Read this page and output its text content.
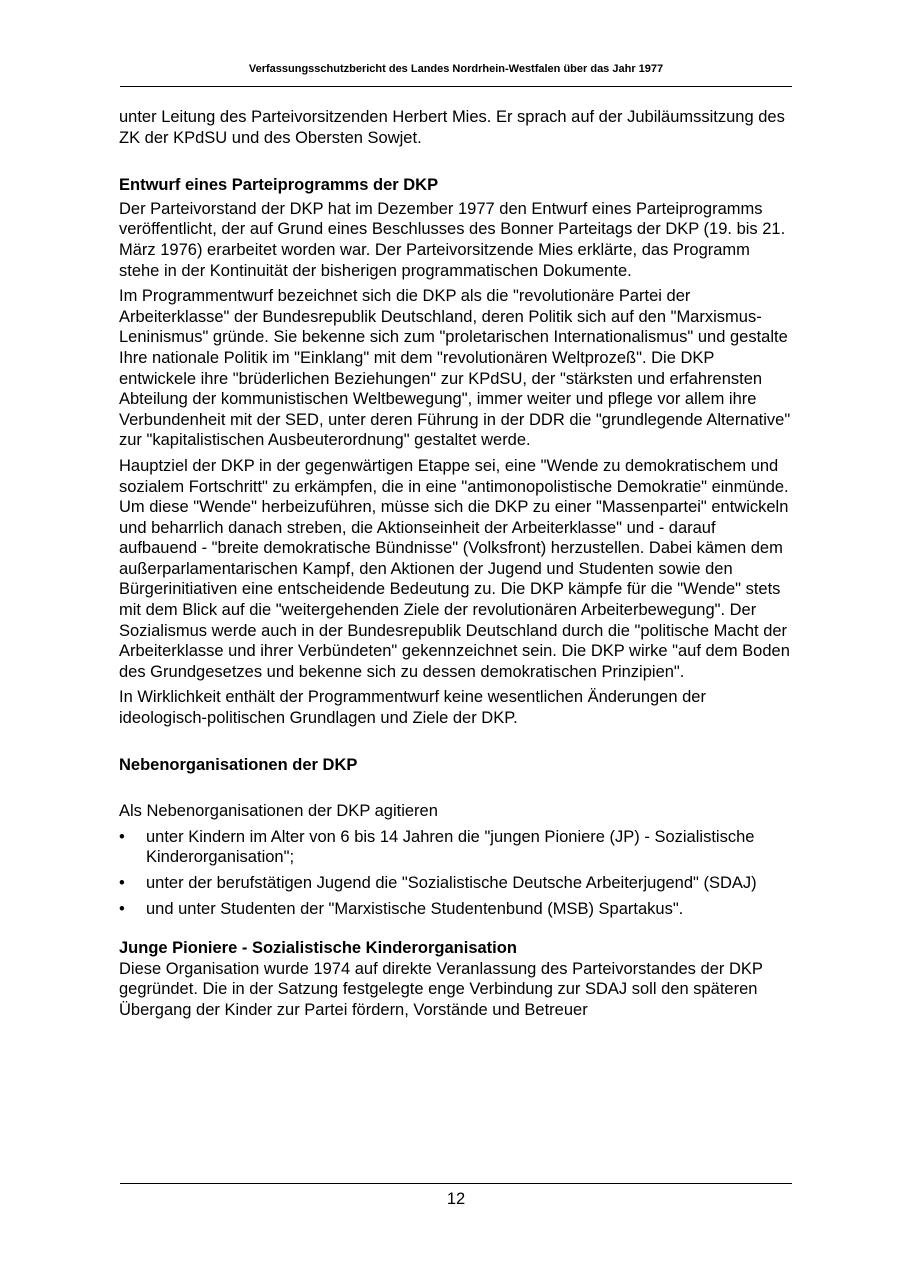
Verfassungsschutzbericht des Landes Nordrhein-Westfalen über das Jahr 1977

unter Leitung des Parteivorsitzenden Herbert Mies. Er sprach auf der Jubiläumssitzung des ZK der KPdSU und des Obersten Sowjet.

Entwurf eines Parteiprogramms der DKP

Der Parteivorstand der DKP hat im Dezember 1977 den Entwurf eines Parteiprogramms veröffentlicht, der auf Grund eines Beschlusses des Bonner Parteitags der DKP (19. bis 21. März 1976) erarbeitet worden war. Der Parteivorsitzende Mies erklärte, das Programm stehe in der Kontinuität der bisherigen programmatischen Dokumente.

Im Programmentwurf bezeichnet sich die DKP als die "revolutionäre Partei der Arbeiterklasse" der Bundesrepublik Deutschland, deren Politik sich auf den "Marxismus-Leninismus" gründe. Sie bekenne sich zum "proletarischen Internationalismus" und gestalte Ihre nationale Politik im "Einklang" mit dem "revolutionären Weltprozeß". Die DKP entwickele ihre "brüderlichen Beziehungen" zur KPdSU, der "stärksten und erfahrensten Abteilung der kommunistischen Weltbewegung", immer weiter und pflege vor allem ihre Verbundenheit mit der SED, unter deren Führung in der DDR die "grundlegende Alternative" zur "kapitalistischen Ausbeuterordnung" gestaltet werde.

Hauptziel der DKP in der gegenwärtigen Etappe sei, eine "Wende zu demokratischem und sozialem Fortschritt" zu erkämpfen, die in eine "antimonopolistische Demokratie" einmünde. Um diese "Wende" herbeizuführen, müsse sich die DKP zu einer "Massenpartei" entwickeln und beharrlich danach streben, die Aktionseinheit der Arbeiterklasse" und - darauf aufbauend - "breite demokratische Bündnisse" (Volksfront) herzustellen. Dabei kämen dem außerparlamentarischen Kampf, den Aktionen der Jugend und Studenten sowie den Bürgerinitiativen eine entscheidende Bedeutung zu. Die DKP kämpfe für die "Wende" stets mit dem Blick auf die "weitergehenden Ziele der revolutionären Arbeiterbewegung". Der Sozialismus werde auch in der Bundesrepublik Deutschland durch die "politische Macht der Arbeiterklasse und ihrer Verbündeten" gekennzeichnet sein. Die DKP wirke "auf dem Boden des Grundgesetzes und bekenne sich zu dessen demokratischen Prinzipien".

In Wirklichkeit enthält der Programmentwurf keine wesentlichen Änderungen der ideologisch-politischen Grundlagen und Ziele der DKP.

Nebenorganisationen der DKP

Als Nebenorganisationen der DKP agitieren

• unter Kindern im Alter von 6 bis 14 Jahren die "jungen Pioniere (JP) - Sozialistische Kinderorganisation";
• unter der berufstätigen Jugend die "Sozialistische Deutsche Arbeiterjugend" (SDAJ)
• und unter Studenten der "Marxistische Studentenbund (MSB) Spartakus".
Junge Pioniere - Sozialistische Kinderorganisation

Diese Organisation wurde 1974 auf direkte Veranlassung des Parteivorstandes der DKP gegründet. Die in der Satzung festgelegte enge Verbindung zur SDAJ soll den späteren Übergang der Kinder zur Partei fördern, Vorstände und Betreuer

12
